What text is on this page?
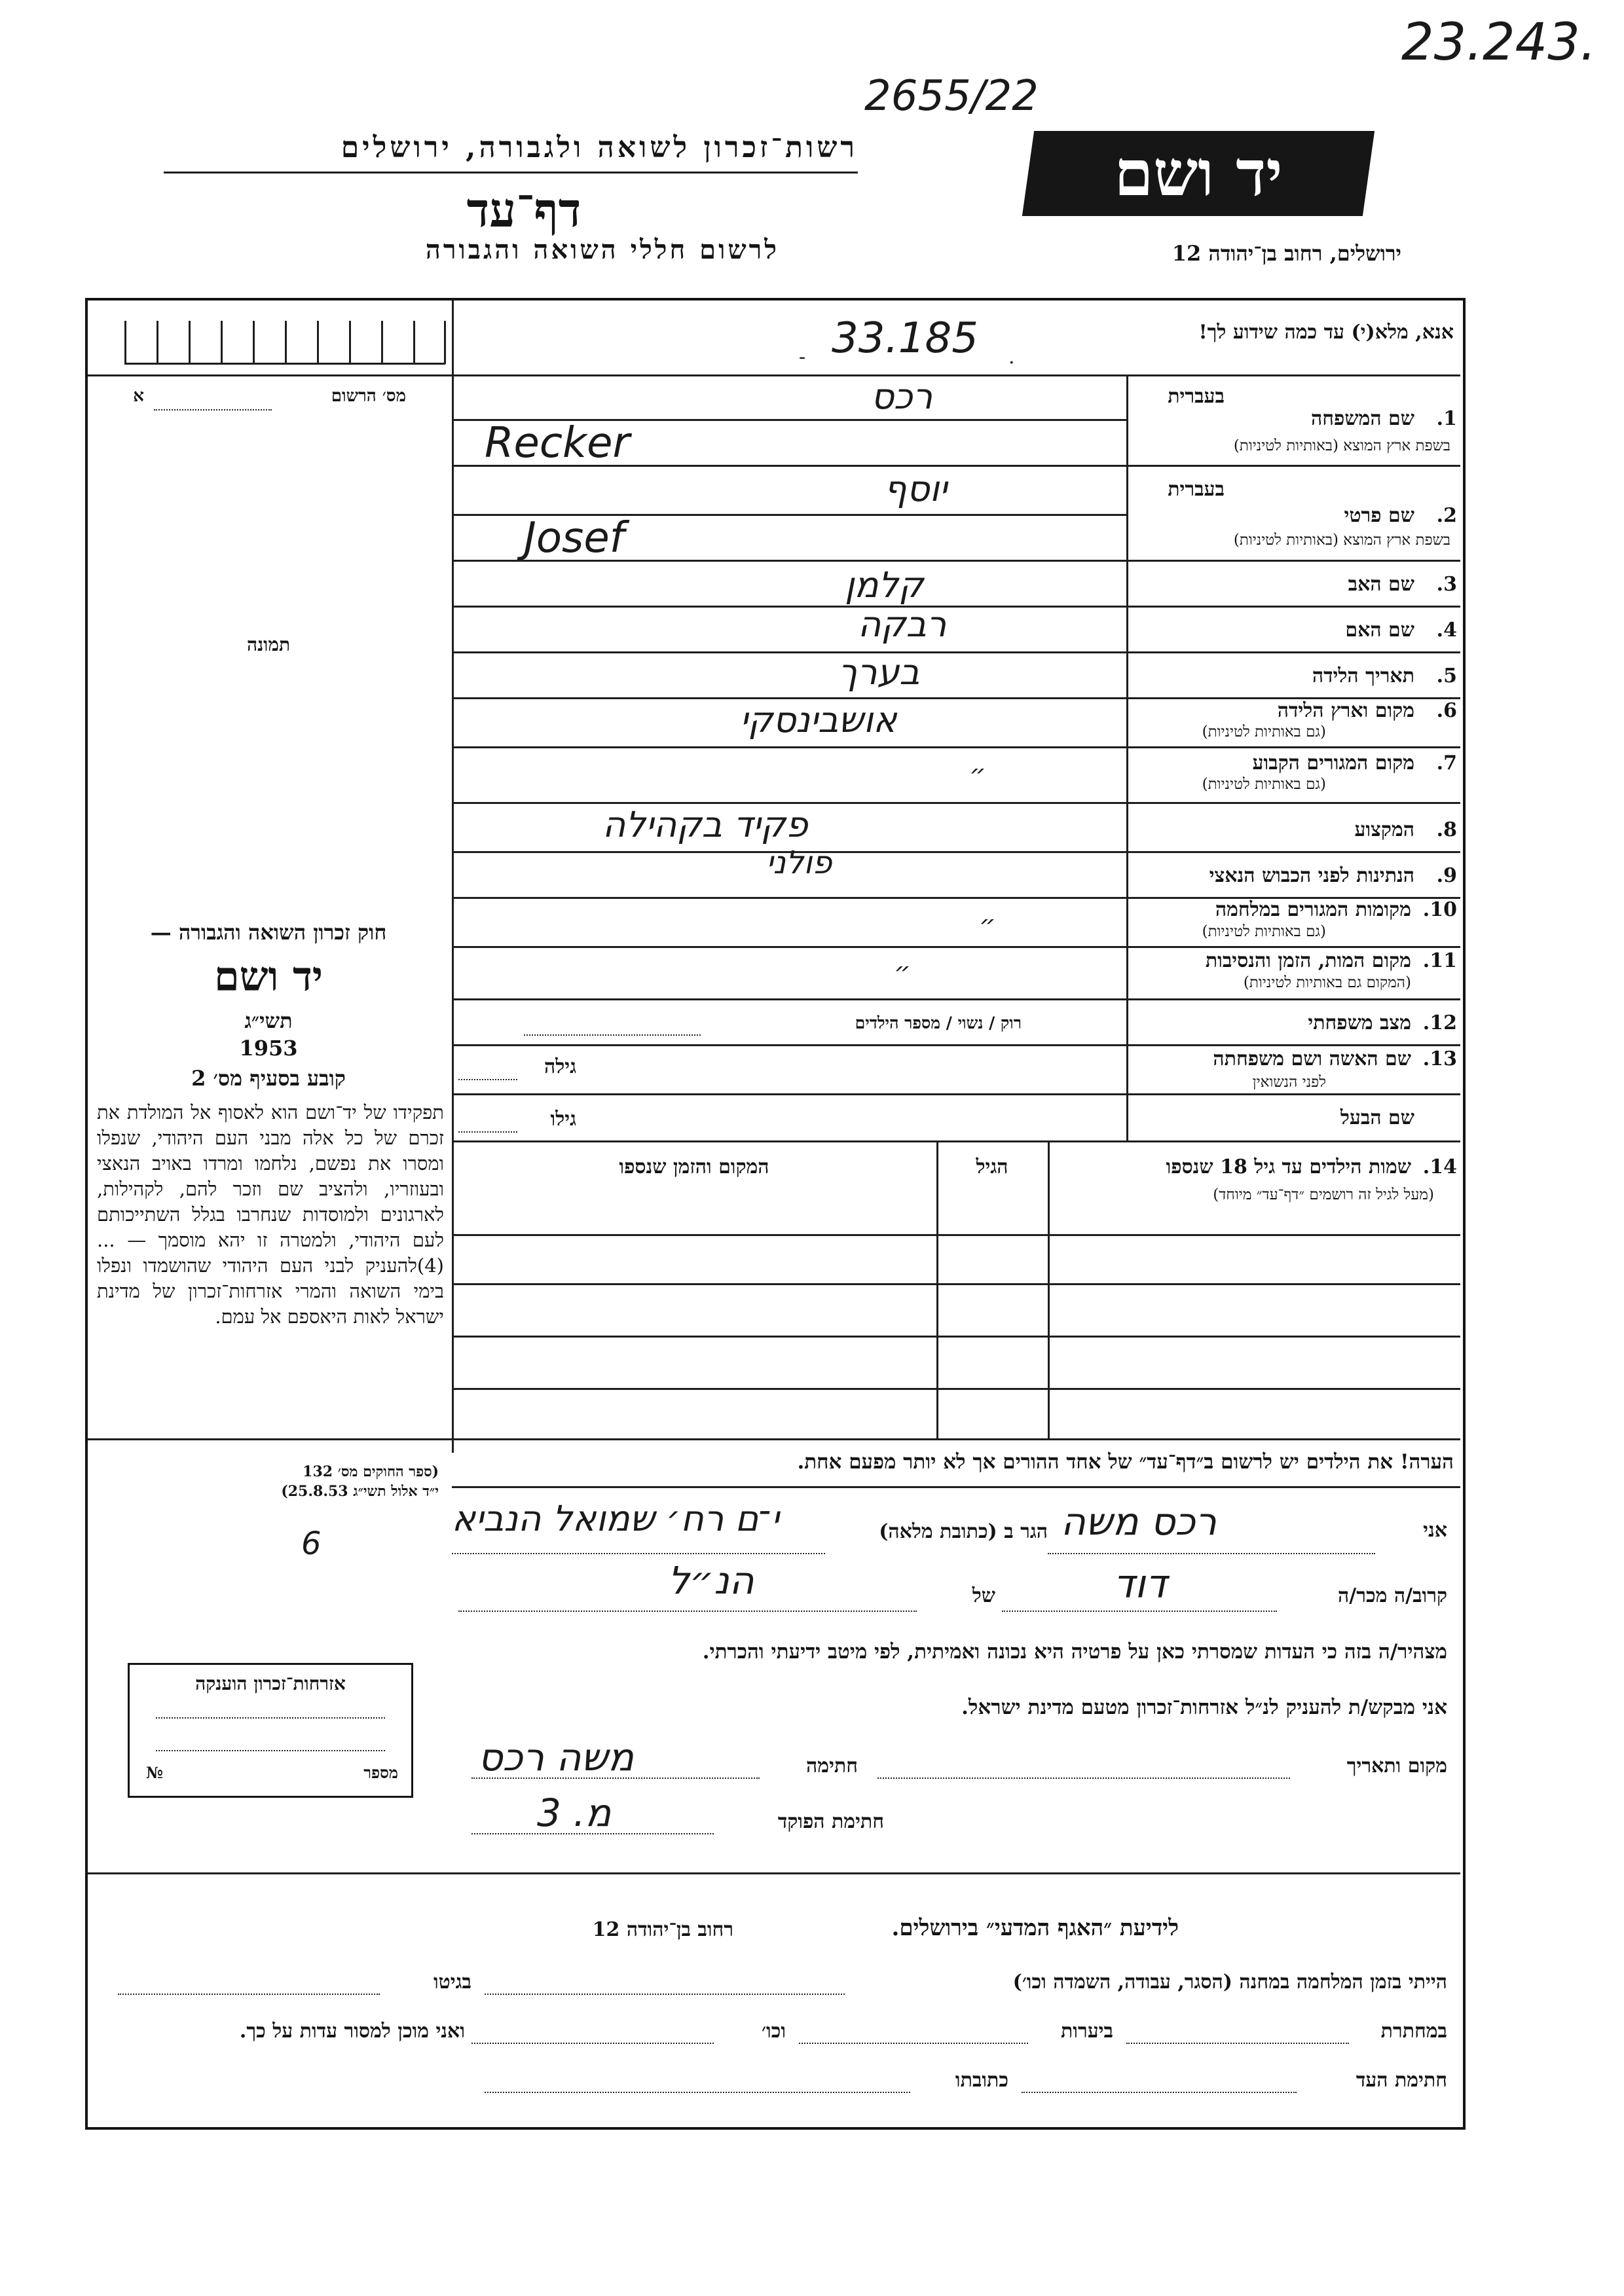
23.243.
2655/22
רשות־זכרון לשואה ולגבורה, ירושלים
דף־עד
לרשום חללי השואה והגבורה
יד ושם
ירושלים, רחוב בן־יהודה 12
אנא, מלא(י) עד כמה שידוע לך!
33.185
-	.
מס׳ הרשום
א
תמונה
חוק זכרון השואה והגבורה —
יד ושם
תשי״ג
1953
קובע בסעיף מס׳ 2
תפקידו של יד־ושם הוא לאסוף אל המולדת את זכרם של כל אלה מבני העם היהודי, שנפלו ומסרו את נפשם, נלחמו ומרדו באויב הנאצי ובעוזריו, ולהציב שם וזכר להם, לקהילות, לארגונים ולמוסדות שנחרבו בגלל השתייכותם לעם היהודי, ולמטרה זו יהא מוסמך — ...(4)להעניק לבני העם היהודי שהושמדו ונפלו בימי השואה והמרי אזרחות־זכרון של מדינת ישראל לאות היאספם אל עמם.
(ספר החוקים מס׳ 132
י״ד אלול תשי״ג 25.8.53)
בעברית
1.
שם המשפחה
בשפת ארץ המוצא (באותיות לטיניות)
רכס
Recker
בעברית
2.
שם פרטי
בשפת ארץ המוצא (באותיות לטיניות)
יוסף
Josef
3.
שם האב
קלמן
4.
שם האם
רבקה
5.
תאריך הלידה
בערך
6.
מקום וארץ הלידה
(גם באותיות לטיניות)
אושבינסקי
7.
מקום המגורים הקבוע
(גם באותיות לטיניות)
״
8.
המקצוע
פקיד בקהילה
9.
הנתינות לפני הכבוש הנאצי
פולני
10.
מקומות המגורים במלחמה
(גם באותיות לטיניות)
״
11.
מקום המות, הזמן והנסיבות
(המקום גם באותיות לטיניות)
״
12.
מצב משפחתי
רוק / נשוי / מספר הילדים
13.
שם האשה ושם משפחתה
לפני הנשואין
גילה
שם הבעל
גילו
14.
שמות הילדים עד גיל 18 שנספו
(מעל לגיל זה רושמים ״דף־עד״ מיוחד)
הגיל
המקום והזמן שנספו
הערה! את הילדים יש לרשום ב״דף־עד״ של אחד ההורים אך לא יותר מפעם אחת.
אני
רכס משה
הגר ב (כתובת מלאה)
י־ם רח׳ שמואל הנביא
6
קרוב/ה מכר/ה
דוד
של
הנ״ל
מצהיר/ה בזה כי העדות שמסרתי כאן על פרטיה היא נכונה ואמיתית, לפי מיטב ידיעתי והכרתי.
אני מבקש/ת להעניק לנ״ל אזרחות־זכרון מטעם מדינת ישראל.
מקום ותאריך
חתימה
משה רכס
חתימת הפוקד
3 .מ
אזרחות־זכרון הוענקה
מספר
№
לידיעת ״האגף המדעי״ בירושלים.
רחוב בן־יהודה 12
הייתי בזמן המלחמה במחנה (הסגר, עבודה, השמדה וכו׳)
בגיטו
במחתרת
ביערות
וכו׳
ואני מוכן למסור עדות על כך.
חתימת העד
כתובתו
